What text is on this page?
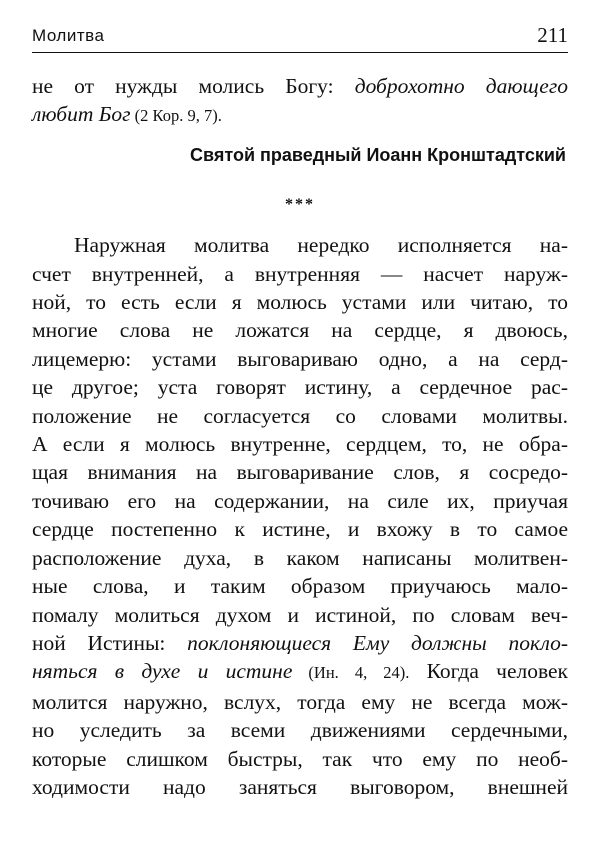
Молитва	211
не от нужды молись Богу: доброхотно дающего
любит Бог (2 Кор. 9, 7).
Святой праведный Иоанн Кронштадтский
***
Наружная молитва нередко исполняется на-
счет внутренней, а внутренняя — насчет наруж-
ной, то есть если я молюсь устами или читаю, то
многие слова не ложатся на сердце, я двоюсь,
лицемерю: устами выговариваю одно, а на серд-
це другое; уста говорят истину, а сердечное рас-
положение не согласуется со словами молитвы.
А если я молюсь внутренне, сердцем, то, не обра-
щая внимания на выговаривание слов, я сосредо-
точиваю его на содержании, на силе их, приучая
сердце постепенно к истине, и вхожу в то самое
расположение духа, в каком написаны молитвен-
ные слова, и таким образом приучаюсь мало-
помалу молиться духом и истиной, по словам веч-
ной Истины: поклоняющиеся Ему должны покло-
няться в духе и истине (Ин. 4, 24). Когда человек
молится наружно, вслух, тогда ему не всегда мож-
но уследить за всеми движениями сердечными,
которые слишком быстры, так что ему по необ-
ходимости надо заняться выговором, внешней
